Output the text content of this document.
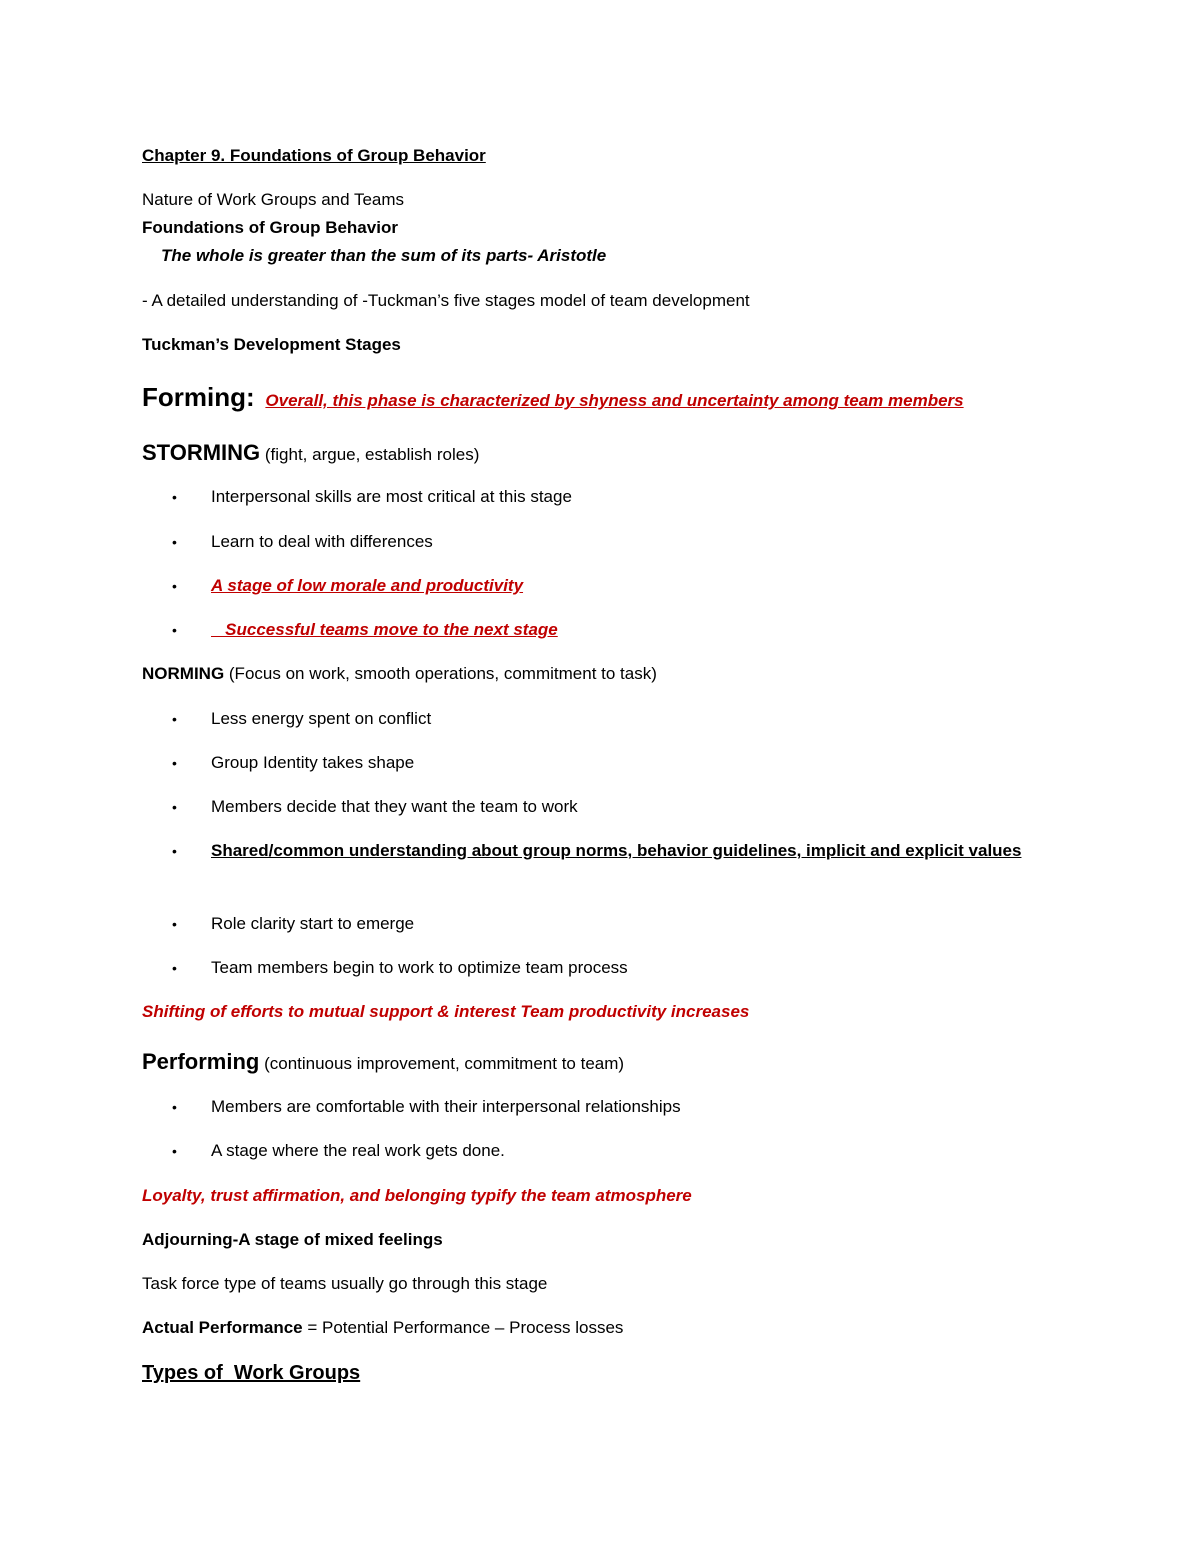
Chapter 9. Foundations of Group Behavior
Nature of Work Groups and Teams
Foundations of Group Behavior
The whole is greater than the sum of its parts- Aristotle
- A detailed understanding of -Tuckman’s five stages model of team development
Tuckman’s Development Stages
Forming: Overall, this phase is characterized by shyness and uncertainty among team members
STORMING (fight, argue, establish roles)
• Interpersonal skills are most critical at this stage
• Learn to deal with differences
• A stage of low morale and productivity
•   Successful teams move to the next stage
NORMING (Focus on work, smooth operations, commitment to task)
• Less energy spent on conflict
• Group Identity takes shape
• Members decide that they want the team to work
• Shared/common understanding about group norms, behavior guidelines, implicit and explicit values
• Role clarity start to emerge
• Team members begin to work to optimize team process
Shifting of efforts to mutual support & interest Team productivity increases
Performing (continuous improvement, commitment to team)
• Members are comfortable with their interpersonal relationships
• A stage where the real work gets done.
Loyalty, trust affirmation, and belonging typify the team atmosphere
Adjourning-A stage of mixed feelings
Task force type of teams usually go through this stage
Actual Performance = Potential Performance – Process losses
Types of  Work Groups
